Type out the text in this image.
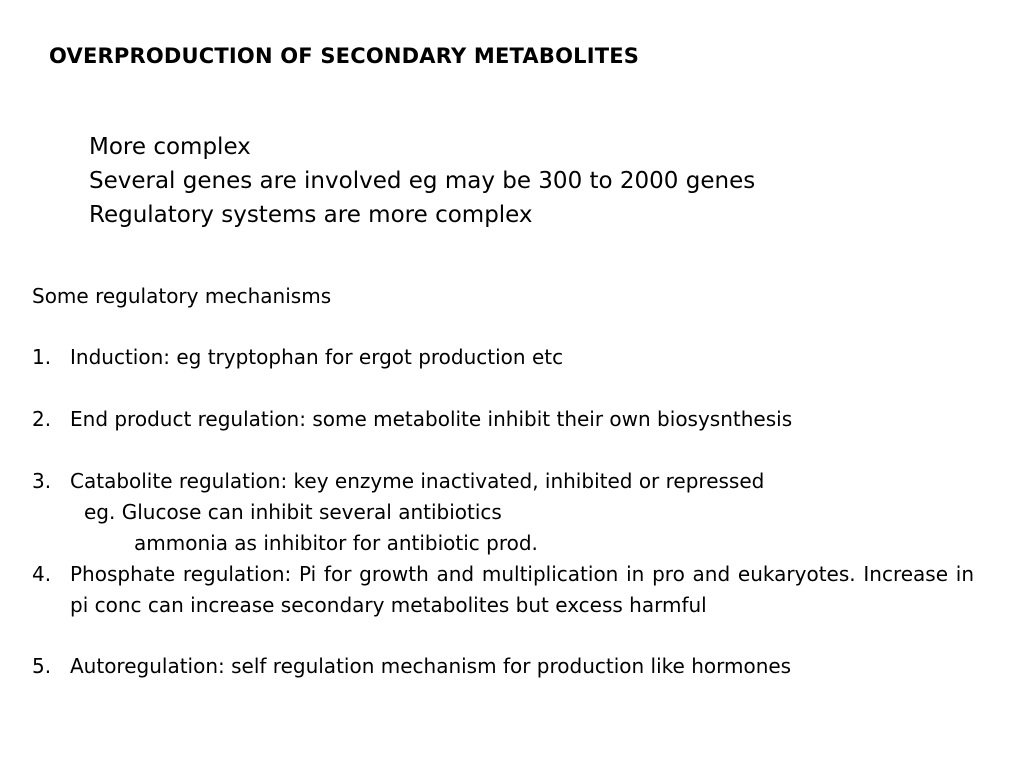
OVERPRODUCTION OF SECONDARY METABOLITES
More complex
Several genes are involved eg may be 300 to 2000 genes
Regulatory systems are more complex
Some regulatory mechanisms
1. Induction: eg tryptophan for ergot production etc
2. End product regulation: some metabolite inhibit their own biosysnthesis
3. Catabolite regulation: key enzyme inactivated, inhibited or repressed
eg. Glucose can inhibit several antibiotics
ammonia as inhibitor for antibiotic prod.
4. Phosphate regulation: Pi for growth and multiplication in pro and eukaryotes. Increase in pi conc can increase secondary metabolites but excess harmful
5. Autoregulation: self regulation mechanism for production like hormones
